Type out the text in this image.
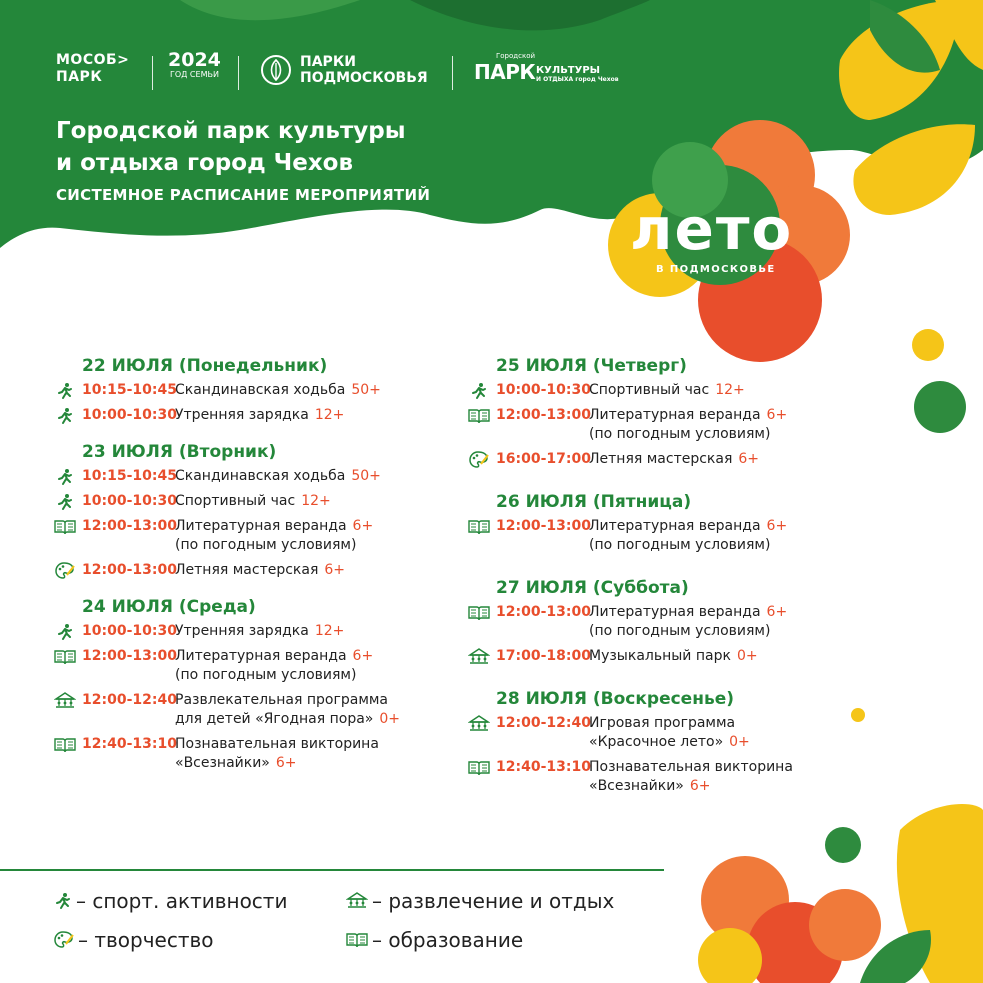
МОСОБ>
ПАРК
2024
ГОД СЕМЬИ
ПАРКИ
ПОДМОСКОВЬЯ
Городской
ПАРК КУЛЬТУРЫ
И ОТДЫХА город Чехов
Городской парк культуры
и отдыха город Чехов
СИСТЕМНОЕ РАСПИСАНИЕ МЕРОПРИЯТИЙ	лето
В ПОДМОСКОВЬЕ
22 ИЮЛЯ (Понедельник)
10:15-10:45
Скандинавская ходьба 50+
10:00-10:30
Утренняя зарядка 12+
23 ИЮЛЯ (Вторник)
10:15-10:45
Скандинавская ходьба 50+
10:00-10:30
Спортивный час 12+
12:00-13:00
Литературная веранда 6+
(по погодным условиям)
12:00-13:00
Летняя мастерская 6+
24 ИЮЛЯ (Среда)
10:00-10:30
Утренняя зарядка 12+
12:00-13:00
Литературная веранда 6+
(по погодным условиям)
12:00-12:40
Развлекательная программа
для детей «Ягодная пора» 0+
12:40-13:10
Познавательная викторина
«Всезнайки» 6+
25 ИЮЛЯ (Четверг)
10:00-10:30
Спортивный час 12+
12:00-13:00
Литературная веранда 6+
(по погодным условиям)
16:00-17:00
Летняя мастерская 6+
26 ИЮЛЯ (Пятница)
12:00-13:00
Литературная веранда 6+
(по погодным условиям)
27 ИЮЛЯ (Суббота)
12:00-13:00
Литературная веранда 6+
(по погодным условиям)
17:00-18:00
Музыкальный парк 0+
28 ИЮЛЯ (Воскресенье)
12:00-12:40
Игровая программа
«Красочное лето» 0+
12:40-13:10
Познавательная викторина
«Всезнайки» 6+
– спорт. активности	– развлечение и отдых
– творчество	– образование
